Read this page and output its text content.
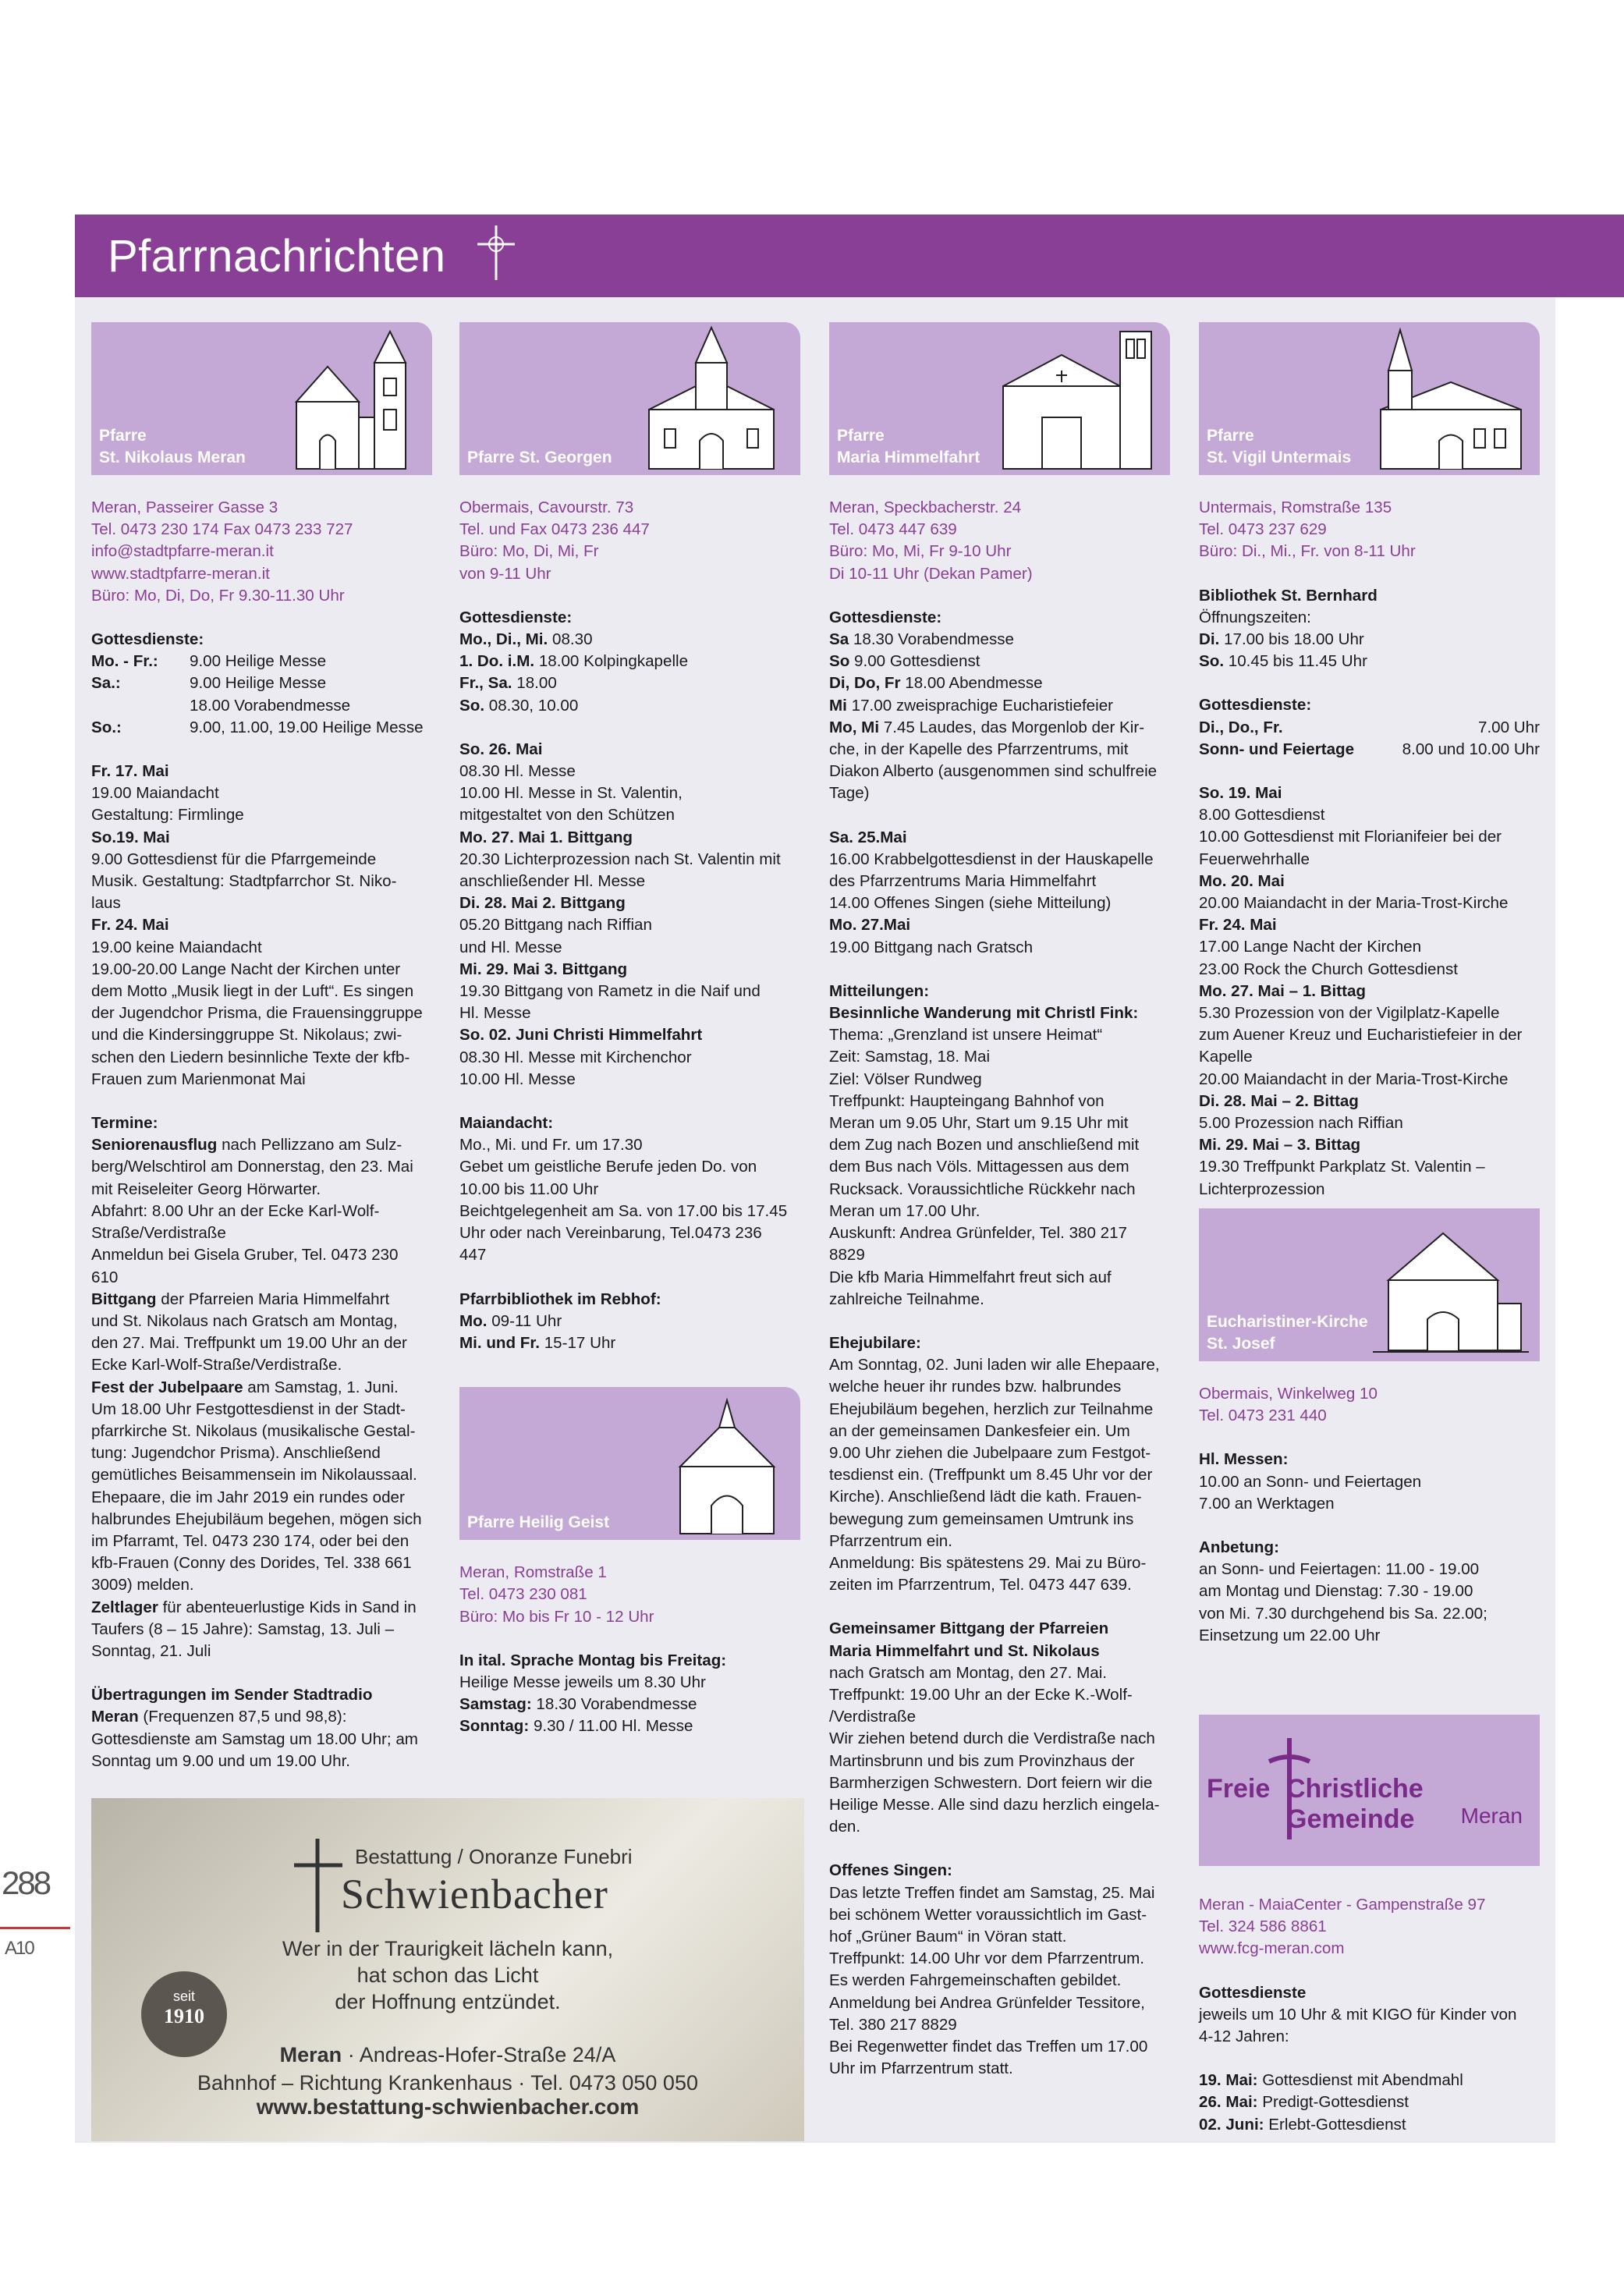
Pfarrnachrichten
Pfarre
St. Nikolaus Meran

Meran, Passeirer Gasse 3

Tel. 0473 230 174 Fax 0473 233 727

info@stadtpfarre-meran.it

www.stadtpfarre-meran.it

Büro: Mo, Di, Do, Fr 9.30-11.30 Uhr

Gottesdienste:

Mo. - Fr.:	9.00 Heilige Messe
Sa.:	9.00 Heilige Messe
18.00 Vorabendmesse
So.:	9.00, 11.00, 19.00 Heilige Messe

Fr. 17. Mai

19.00 Maiandacht

Gestaltung: Firmlinge

So.19. Mai

9.00 Gottesdienst für die Pfarrgemeinde

Musik. Gestaltung: Stadtpfarrchor St. Niko-

laus

Fr. 24. Mai

19.00 keine Maiandacht

19.00-20.00 Lange Nacht der Kirchen unter

dem Motto „Musik liegt in der Luft“. Es singen

der Jugendchor Prisma, die Frauensinggruppe

und die Kindersinggruppe St. Nikolaus; zwi-

schen den Liedern besinnliche Texte der kfb-

Frauen zum Marienmonat Mai

Termine:

Seniorenausflug nach Pellizzano am Sulz-

berg/Welschtirol am Donnerstag, den 23. Mai

mit Reiseleiter Georg Hörwarter.

Abfahrt: 8.00 Uhr an der Ecke Karl-Wolf-

Straße/Verdistraße

Anmeldun bei Gisela Gruber, Tel. 0473 230

610

Bittgang der Pfarreien Maria Himmelfahrt

und St. Nikolaus nach Gratsch am Montag,

den 27. Mai. Treffpunkt um 19.00 Uhr an der

Ecke Karl-Wolf-Straße/Verdistraße.

Fest der Jubelpaare am Samstag, 1. Juni.

Um 18.00 Uhr Festgottesdienst in der Stadt-

pfarrkirche St. Nikolaus (musikalische Gestal-

tung: Jugendchor Prisma). Anschließend

gemütliches Beisammensein im Nikolaussaal.

Ehepaare, die im Jahr 2019 ein rundes oder

halbrundes Ehejubiläum begehen, mögen sich

im Pfarramt, Tel. 0473 230 174, oder bei den

kfb-Frauen (Conny des Dorides, Tel. 338 661

3009) melden.

Zeltlager für abenteuerlustige Kids in Sand in

Taufers (8 – 15 Jahre): Samstag, 13. Juli –

Sonntag, 21. Juli

Übertragungen im Sender Stadtradio

Meran (Frequenzen 87,5 und 98,8):

Gottesdienste am Samstag um 18.00 Uhr; am

Sonntag um 9.00 und um 19.00 Uhr.

Pfarre St. Georgen

Obermais, Cavourstr. 73

Tel. und Fax 0473 236 447

Büro: Mo, Di, Mi, Fr

von 9-11 Uhr

Gottesdienste:

Mo., Di., Mi. 08.30

1. Do. i.M. 18.00 Kolpingkapelle

Fr., Sa. 18.00

So. 08.30, 10.00

So. 26. Mai

08.30 Hl. Messe

10.00 Hl. Messe in St. Valentin,

mitgestaltet von den Schützen

Mo. 27. Mai 1. Bittgang

20.30 Lichterprozession nach St. Valentin mit

anschließender Hl. Messe

Di. 28. Mai 2. Bittgang

05.20 Bittgang nach Riffian

und Hl. Messe

Mi. 29. Mai 3. Bittgang

19.30 Bittgang von Rametz in die Naif und

Hl. Messe

So. 02. Juni Christi Himmelfahrt

08.30 Hl. Messe mit Kirchenchor

10.00 Hl. Messe

Maiandacht:

Mo., Mi. und Fr. um 17.30

Gebet um geistliche Berufe jeden Do. von

10.00 bis 11.00 Uhr

Beichtgelegenheit am Sa. von 17.00 bis 17.45

Uhr oder nach Vereinbarung, Tel.0473 236

447

Pfarrbibliothek im Rebhof:

Mo. 09-11 Uhr

Mi. und Fr. 15-17 Uhr

Pfarre Heilig Geist

Meran, Romstraße 1

Tel. 0473 230 081

Büro: Mo bis Fr 10 - 12 Uhr

In ital. Sprache Montag bis Freitag:

Heilige Messe jeweils um 8.30 Uhr

Samstag: 18.30 Vorabendmesse

Sonntag: 9.30 / 11.00 Hl. Messe

Pfarre
Maria Himmelfahrt

Meran, Speckbacherstr. 24

Tel. 0473 447 639

Büro: Mo, Mi, Fr 9-10 Uhr

Di 10-11 Uhr (Dekan Pamer)

Gottesdienste:

Sa 18.30 Vorabendmesse

So 9.00 Gottesdienst

Di, Do, Fr 18.00 Abendmesse

Mi 17.00 zweisprachige Eucharistiefeier

Mo, Mi 7.45 Laudes, das Morgenlob der Kir-

che, in der Kapelle des Pfarrzentrums, mit

Diakon Alberto (ausgenommen sind schulfreie

Tage)

Sa. 25.Mai

16.00 Krabbelgottesdienst in der Hauskapelle

des Pfarrzentrums Maria Himmelfahrt

14.00 Offenes Singen (siehe Mitteilung)

Mo. 27.Mai

19.00 Bittgang nach Gratsch

Mitteilungen:

Besinnliche Wanderung mit Christl Fink:

Thema: „Grenzland ist unsere Heimat“

Zeit: Samstag, 18. Mai

Ziel: Völser Rundweg

Treffpunkt: Haupteingang Bahnhof von

Meran um 9.05 Uhr, Start um 9.15 Uhr mit

dem Zug nach Bozen und anschließend mit

dem Bus nach Völs. Mittagessen aus dem

Rucksack. Voraussichtliche Rückkehr nach

Meran um 17.00 Uhr.

Auskunft: Andrea Grünfelder, Tel. 380 217

8829

Die kfb Maria Himmelfahrt freut sich auf

zahlreiche Teilnahme.

Ehejubilare:

Am Sonntag, 02. Juni laden wir alle Ehepaare,

welche heuer ihr rundes bzw. halbrundes

Ehejubiläum begehen, herzlich zur Teilnahme

an der gemeinsamen Dankesfeier ein. Um

9.00 Uhr ziehen die Jubelpaare zum Festgot-

tesdienst ein. (Treffpunkt um 8.45 Uhr vor der

Kirche). Anschließend lädt die kath. Frauen-

bewegung zum gemeinsamen Umtrunk ins

Pfarrzentrum ein.

Anmeldung: Bis spätestens 29. Mai zu Büro-

zeiten im Pfarrzentrum, Tel. 0473 447 639.

Gemeinsamer Bittgang der Pfarreien

Maria Himmelfahrt und St. Nikolaus

nach Gratsch am Montag, den 27. Mai.

Treffpunkt: 19.00 Uhr an der Ecke K.-Wolf-

/Verdistraße

Wir ziehen betend durch die Verdistraße nach

Martinsbrunn und bis zum Provinzhaus der

Barmherzigen Schwestern. Dort feiern wir die

Heilige Messe. Alle sind dazu herzlich eingela-

den.

Offenes Singen:

Das letzte Treffen findet am Samstag, 25. Mai

bei schönem Wetter voraussichtlich im Gast-

hof „Grüner Baum“ in Vöran statt.

Treffpunkt: 14.00 Uhr vor dem Pfarrzentrum.

Es werden Fahrgemeinschaften gebildet.

Anmeldung bei Andrea Grünfelder Tessitore,

Tel. 380 217 8829

Bei Regenwetter findet das Treffen um 17.00

Uhr im Pfarrzentrum statt.

Pfarre
St. Vigil Untermais

Untermais, Romstraße 135

Tel. 0473 237 629

Büro: Di., Mi., Fr. von 8-11 Uhr

Bibliothek St. Bernhard

Öffnungszeiten:

Di. 17.00 bis 18.00 Uhr

So. 10.45 bis 11.45 Uhr

Gottesdienste:

Di., Do., Fr.	7.00 Uhr
Sonn- und Feiertage	8.00 und 10.00 Uhr

So. 19. Mai

8.00 Gottesdienst

10.00 Gottesdienst mit Florianifeier bei der

Feuerwehrhalle

Mo. 20. Mai

20.00 Maiandacht in der Maria-Trost-Kirche

Fr. 24. Mai

17.00 Lange Nacht der Kirchen

23.00 Rock the Church Gottesdienst

Mo. 27. Mai – 1. Bittag

5.30 Prozession von der Vigilplatz-Kapelle

zum Auener Kreuz und Eucharistiefeier in der

Kapelle

20.00 Maiandacht in der Maria-Trost-Kirche

Di. 28. Mai – 2. Bittag

5.00 Prozession nach Riffian

Mi. 29. Mai – 3. Bittag

19.30 Treffpunkt Parkplatz St. Valentin –

Lichterprozession

Eucharistiner-Kirche
St. Josef

Obermais, Winkelweg 10

Tel. 0473 231 440

Hl. Messen:

10.00 an Sonn- und Feiertagen

7.00 an Werktagen

Anbetung:

an Sonn- und Feiertagen: 11.00 - 19.00

am Montag und Dienstag: 7.30 - 19.00

von Mi. 7.30 durchgehend bis Sa. 22.00;

Einsetzung um 22.00 Uhr

Freie Christliche Gemeinde	Meran

Meran - MaiaCenter - Gampenstraße 97

Tel. 324 586 8861

www.fcg-meran.com

Gottesdienste

jeweils um 10 Uhr & mit KIGO für Kinder von

4-12 Jahren:

19. Mai: Gottesdienst mit Abendmahl

26. Mai: Predigt-Gottesdienst

02. Juni: Erlebt-Gottesdienst

Bestattung / Onoranze Funebri
Schwienbacher
Wer in der Traurigkeit lächeln kann,
hat schon das Licht
der Hoffnung entzündet.
seit
1910
Meran · Andreas-Hofer-Straße 24/A
Bahnhof – Richtung Krankenhaus · Tel. 0473 050 050
www.bestattung-schwienbacher.com
288
A10
